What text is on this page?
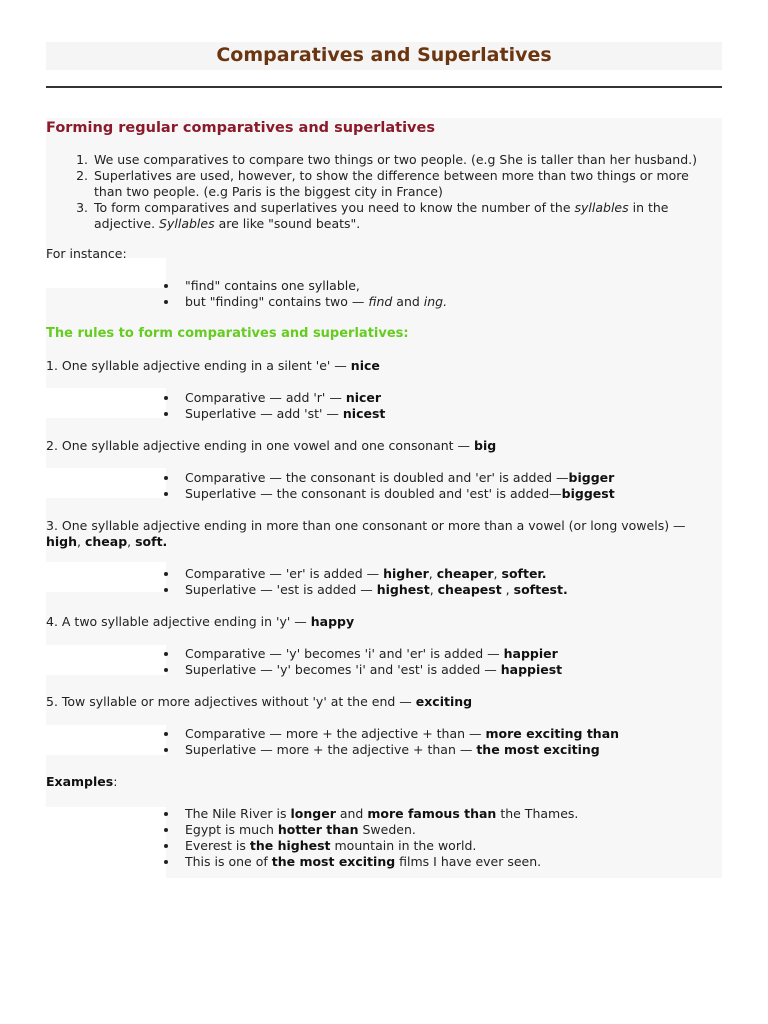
Comparatives and Superlatives
Forming regular comparatives and superlatives
1. We use comparatives to compare two things or two people. (e.g She is taller than her husband.)
2. Superlatives are used, however, to show the difference between more than two things or more than two people. (e.g Paris is the biggest city in France)
3. To form comparatives and superlatives you need to know the number of the syllables in the adjective. Syllables are like "sound beats".

For instance:

"find" contains one syllable,
but "finding" contains two — find and ing.
The rules to form comparatives and superlatives:

1. One syllable adjective ending in a silent 'e' — nice

Comparative — add 'r' — nicer
Superlative — add 'st' — nicest

2. One syllable adjective ending in one vowel and one consonant — big

Comparative — the consonant is doubled and 'er' is added —bigger
Superlative — the consonant is doubled and 'est' is added—biggest

3. One syllable adjective ending in more than one consonant or more than a vowel (or long vowels) — high, cheap, soft.

Comparative — 'er' is added — higher, cheaper, softer.
Superlative — 'est is added — highest, cheapest , softest.

4. A two syllable adjective ending in 'y' — happy

Comparative — 'y' becomes 'i' and 'er' is added — happier
Superlative — 'y' becomes 'i' and 'est' is added — happiest

5. Tow syllable or more adjectives without 'y' at the end — exciting

Comparative — more + the adjective + than — more exciting than
Superlative — more + the adjective + than — the most exciting

Examples:

The Nile River is longer and more famous than the Thames.
Egypt is much hotter than Sweden.
Everest is the highest mountain in the world.
This is one of the most exciting films I have ever seen.
